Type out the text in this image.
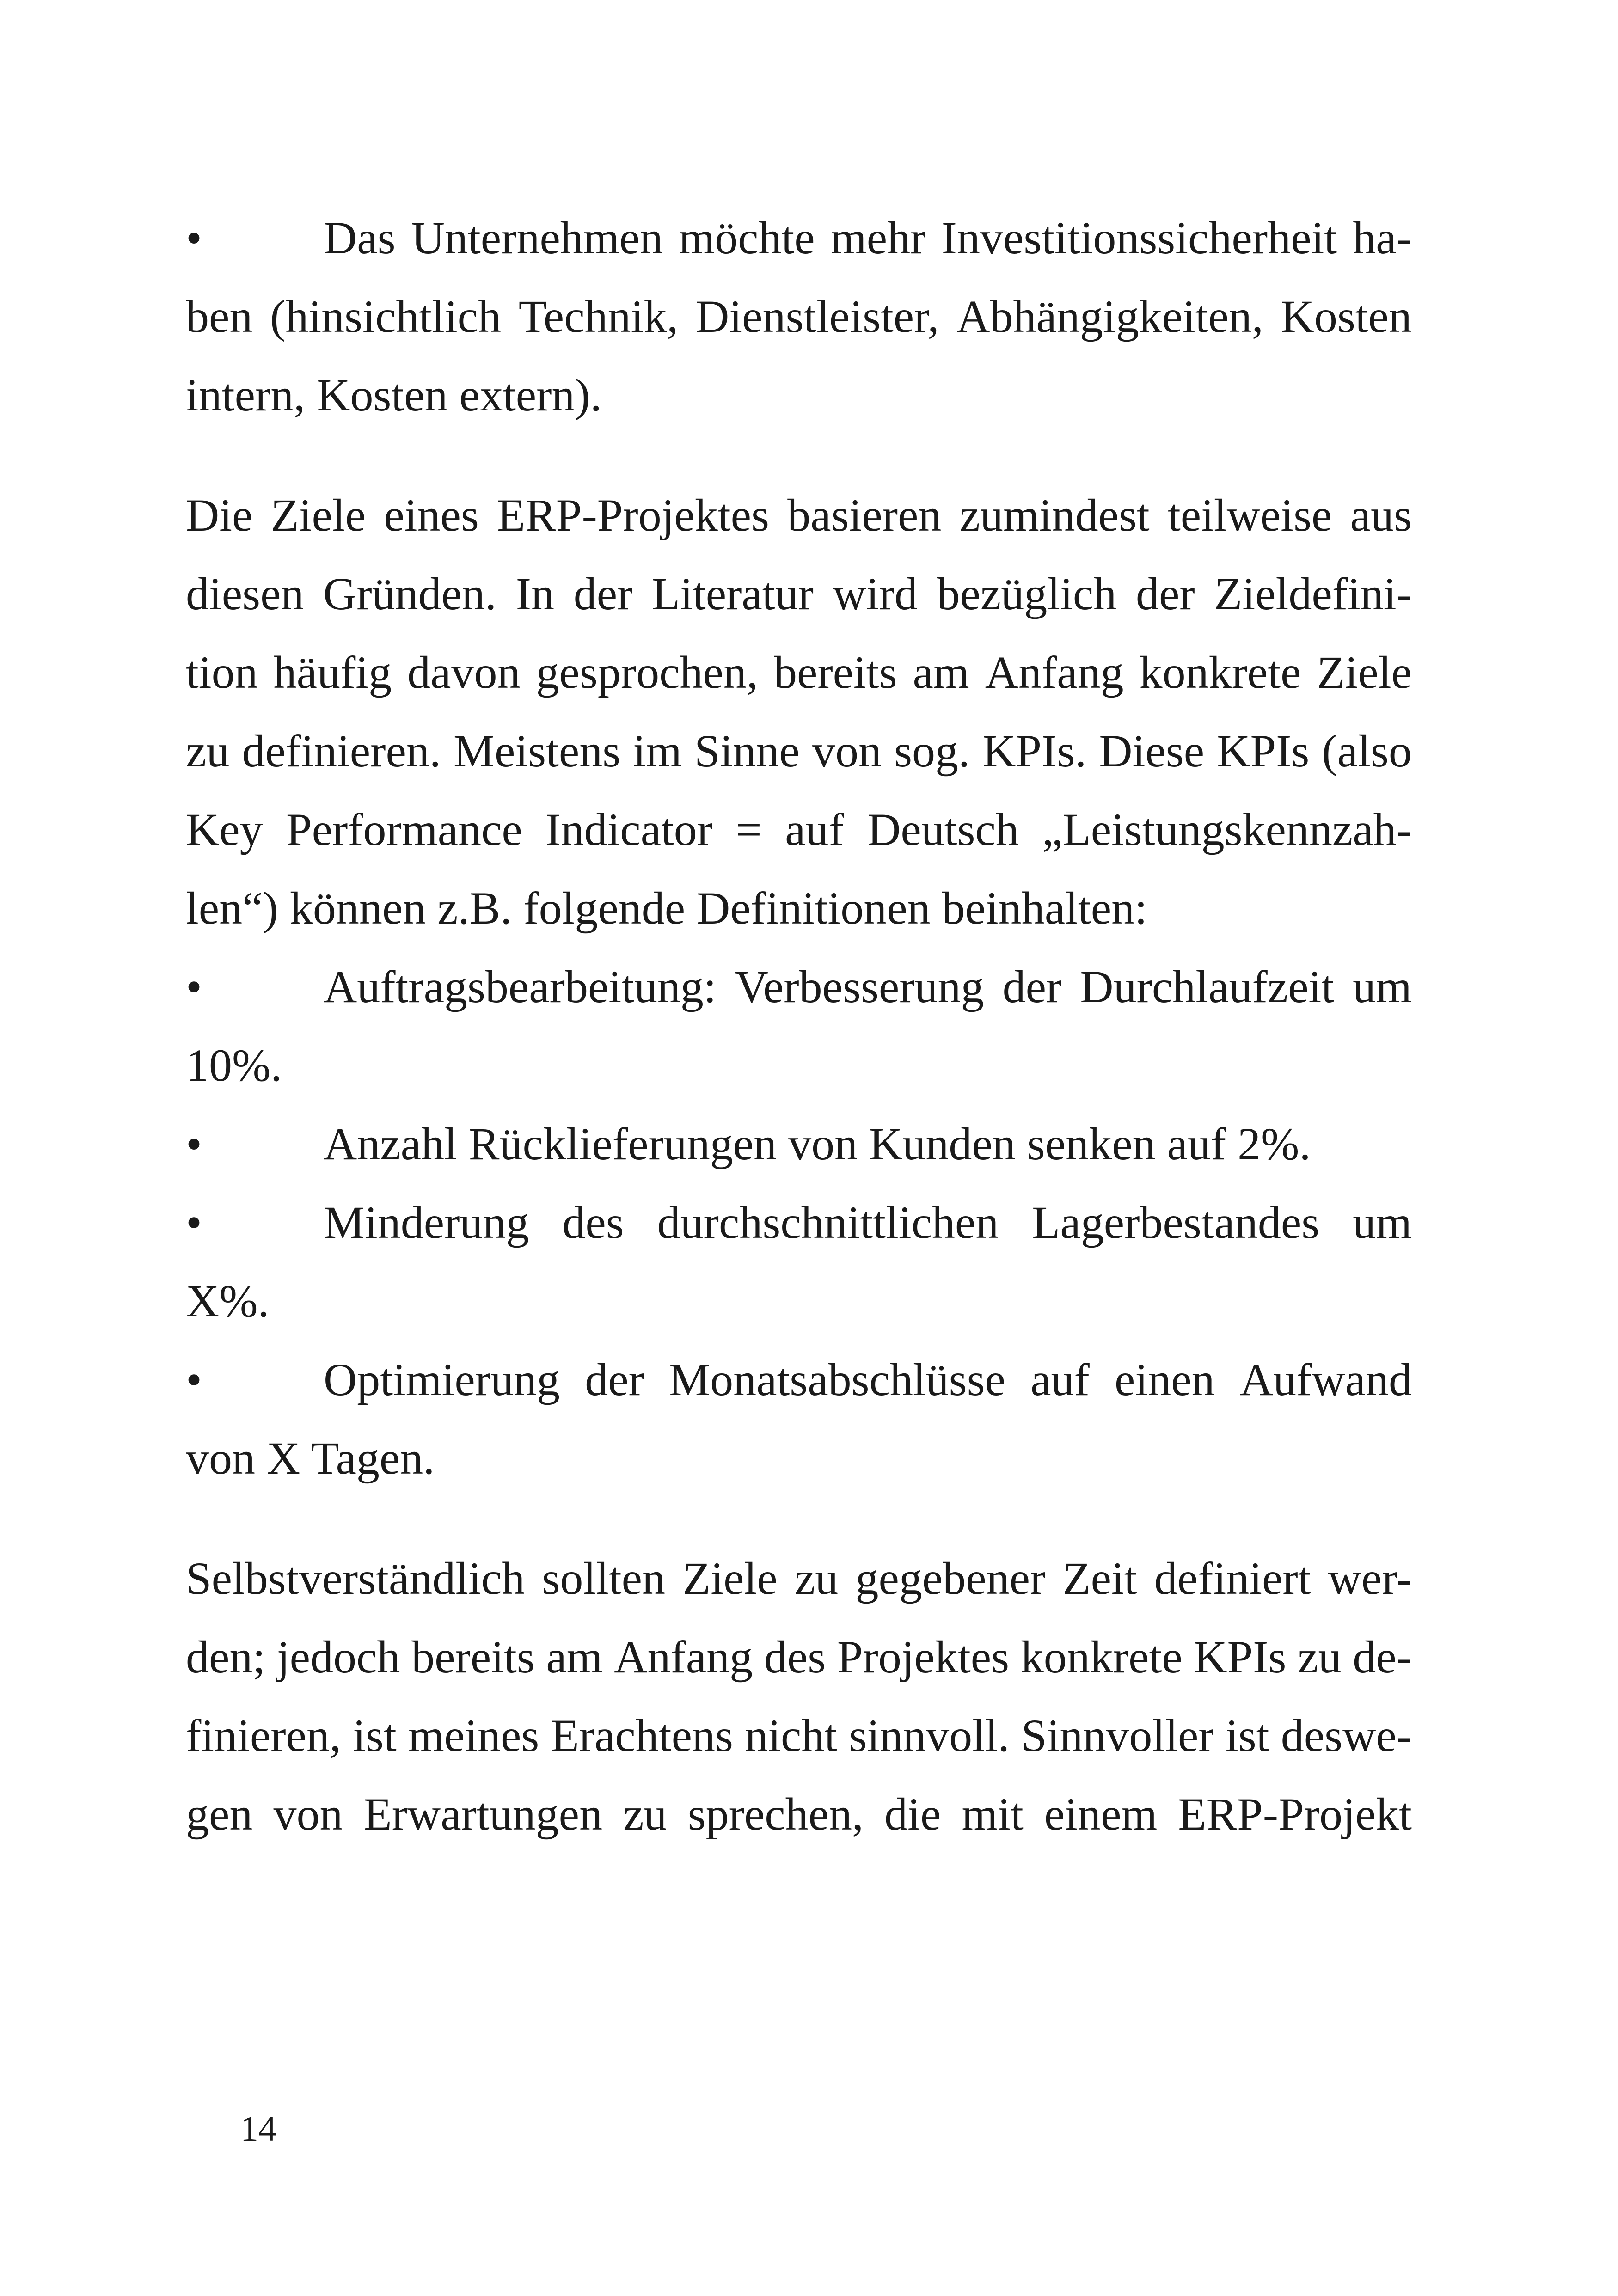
•	Das Unternehmen möchte mehr Investitionssicherheit ha-
ben (hinsichtlich Technik, Dienstleister, Abhängigkeiten, Kosten
intern, Kosten extern).
Die Ziele eines ERP-Projektes basieren zumindest teilweise aus
diesen Gründen. In der Literatur wird bezüglich der Zieldefini-
tion häufig davon gesprochen, bereits am Anfang konkrete Ziele
zu definieren. Meistens im Sinne von sog. KPIs. Diese KPIs (also
Key Performance Indicator = auf Deutsch „Leistungskennzah-
len“) können z.B. folgende Definitionen beinhalten:
•	Auftragsbearbeitung: Verbesserung der Durchlaufzeit um
10%.
•	Anzahl Rücklieferungen von Kunden senken auf 2%.
•	Minderung des durchschnittlichen Lagerbestandes um
X%.
•	Optimierung der Monatsabschlüsse auf einen Aufwand
von X Tagen.
Selbstverständlich sollten Ziele zu gegebener Zeit definiert wer-
den; jedoch bereits am Anfang des Projektes konkrete KPIs zu de-
finieren, ist meines Erachtens nicht sinnvoll. Sinnvoller ist deswe-
gen von Erwartungen zu sprechen, die mit einem ERP-Projekt
14
